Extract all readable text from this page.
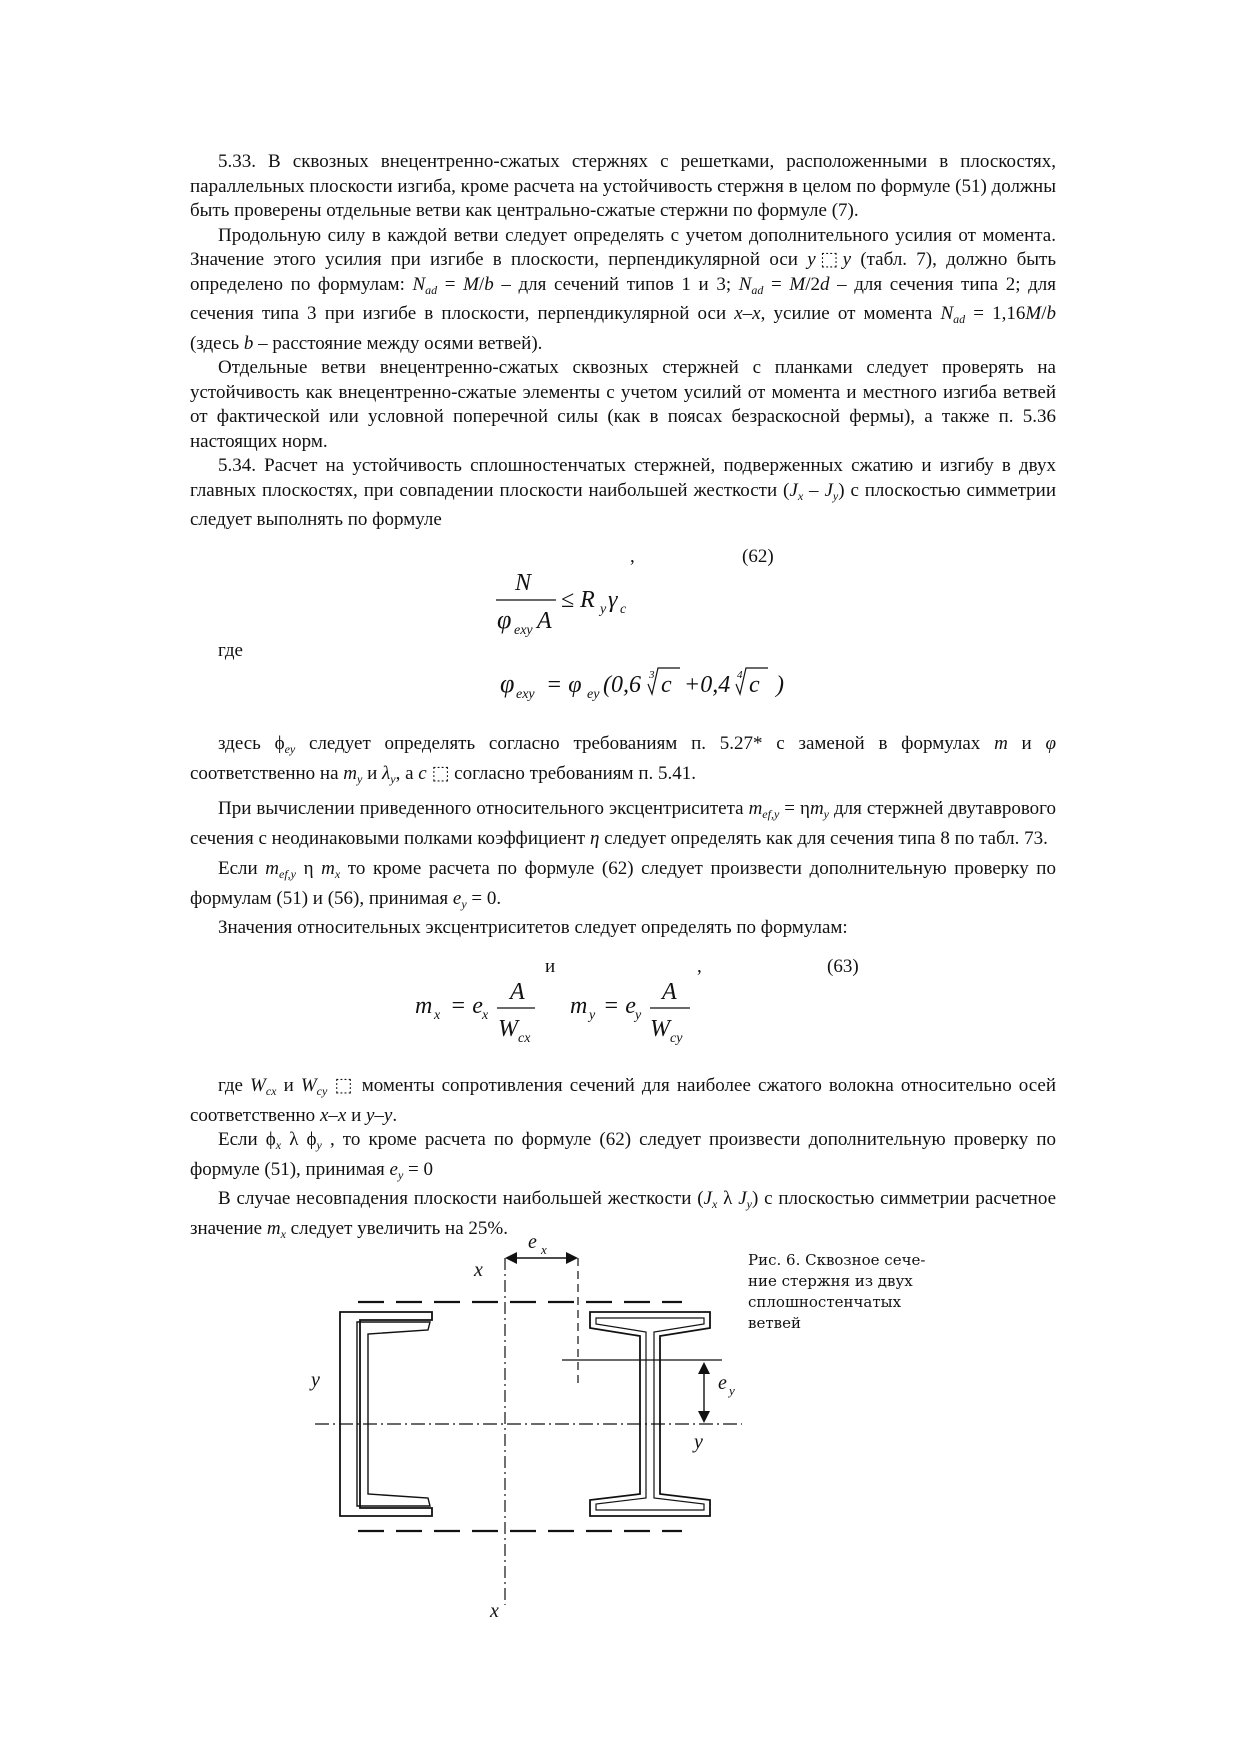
5.33. В сквозных внецентренно-сжатых стержнях с решетками, расположенными в плоскостях, параллельных плоскости изгиба, кроме расчета на устойчивость стержня в целом по формуле (51) должны быть проверены отдельные ветви как центрально-сжатые стержни по формуле (7).

Продольную силу в каждой ветви следует определять с учетом дополнительного усилия от момента. Значение этого усилия при изгибе в плоскости, перпендикулярной оси y⬚y (табл. 7), должно быть определено по формулам: $N_{ad} = M/b$ – для сечений типов 1 и 3; $N_{ad} = M/2d$ – для сечения типа 2; для сечения типа 3 при изгибе в плоскости, перпендикулярной оси x–x, усилие от момента $N_{ad} = 1,16M/b$ (здесь b – расстояние между осями ветвей).

Отдельные ветви внецентренно-сжатых сквозных стержней с планками следует проверять на устойчивость как внецентренно-сжатые элементы с учетом усилий от момента и местного изгиба ветвей от фактической или условной поперечной силы (как в поясах безраскосной фермы), а также п. 5.36 настоящих норм.

5.34. Расчет на устойчивость сплошностенчатых стержней, подверженных сжатию и изгибу в двух главных плоскостях, при совпадении плоскости наибольшей жесткости $(J_x - J_y)$ с плоскостью симметрии следует выполнять по формуле

,	(62)
N
φ exy A
≤ R y γ c
где
φ exy = φ ey (0,6 3 c +0,4 4 c )

здесь $\phi_{ey}$ следует определять согласно требованиям п. 5.27* с заменой в формулах m и φ соответственно на $m_y$ и $\lambda_y$, а c ⬚ согласно требованиям п. 5.41.

При вычислении приведенного относительного эксцентриситета $m_{ef,y} = \eta m_y$ для стержней двутаврового сечения с неодинаковыми полками коэффициент η следует определять как для сечения типа 8 по табл. 73.

Если $m_{ef,y}$ η $m_x$ то кроме расчета по формуле (62) следует произвести дополнительную проверку по формулам (51) и (56), принимая $e_y = 0$.

Значения относительных эксцентриситетов следует определять по формулам:

и	,	(63)
m x = e x
A
W cx
m y = e y
A
W cy

где $W_{cx}$ и $W_{cy}$ ⬚ моменты сопротивления сечений для наиболее сжатого волокна относительно осей соответственно x–x и y–y.

Если $\phi_x$ λ $\phi_y$ , то кроме расчета по формуле (62) следует произвести дополнительную проверку по формуле (51), принимая $e_y = 0$

В случае несовпадения плоскости наибольшей жесткости ($J_x$ λ $J_y$) с плоскостью симметрии расчетное значение $m_x$ следует увеличить на 25%.

e x
x
x
y
y
e y
Рис. 6. Сквозное сече-ние стержня из двух сплошностенчатых ветвей
